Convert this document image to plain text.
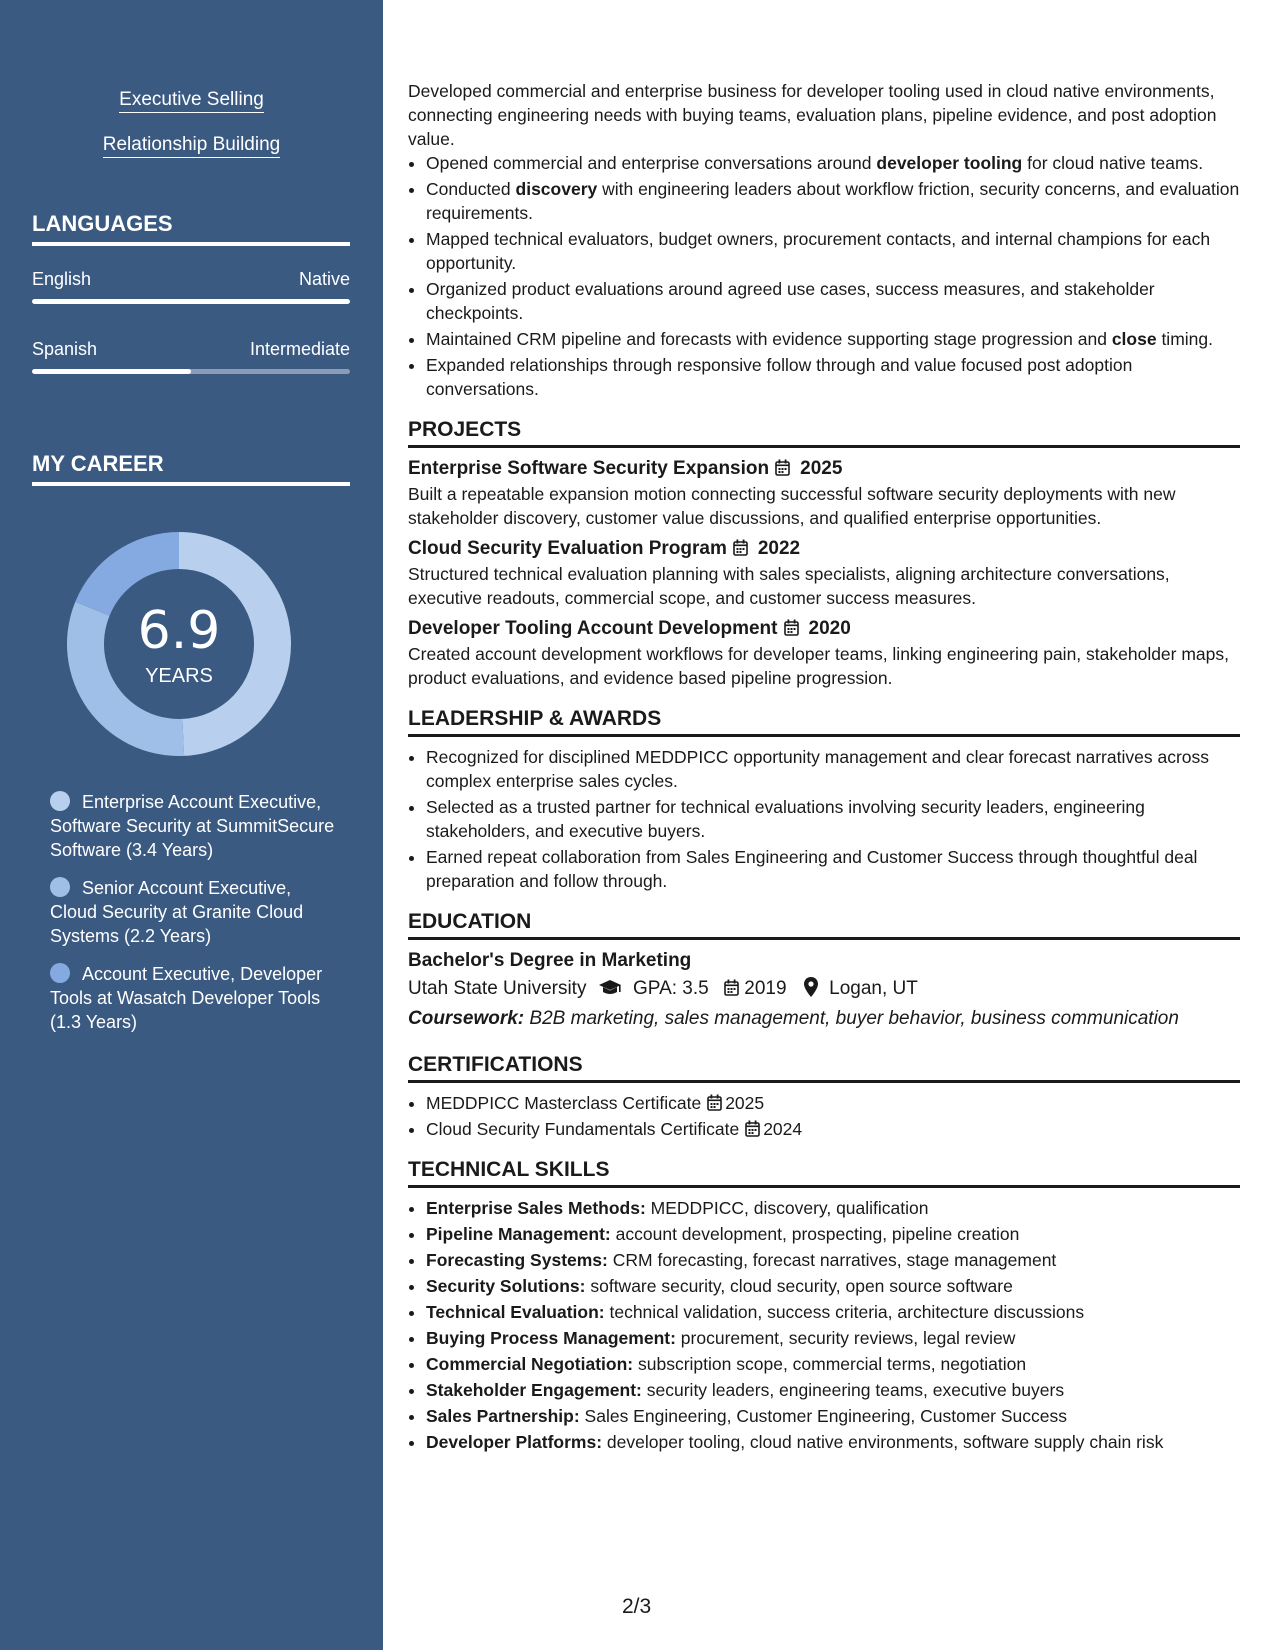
Executive Selling
Relationship Building
LANGUAGES
English	Native
Spanish	Intermediate
MY CAREER
6.9
YEARS
Enterprise Account Executive, Software Security at SummitSecure Software (3.4 Years)
Senior Account Executive, Cloud Security at Granite Cloud Systems (2.2 Years)
Account Executive, Developer Tools at Wasatch Developer Tools (1.3 Years)

Developed commercial and enterprise business for developer tooling used in cloud native environments, connecting engineering needs with buying teams, evaluation plans, pipeline evidence, and post adoption value.

• Opened commercial and enterprise conversations around developer tooling for cloud native teams.
• Conducted discovery with engineering leaders about workflow friction, security concerns, and evaluation requirements.
• Mapped technical evaluators, budget owners, procurement contacts, and internal champions for each opportunity.
• Organized product evaluations around agreed use cases, success measures, and stakeholder checkpoints.
• Maintained CRM pipeline and forecasts with evidence supporting stage progression and close timing.
• Expanded relationships through responsive follow through and value focused post adoption conversations.
PROJECTS
Enterprise Software Security Expansion 2025

Built a repeatable expansion motion connecting successful software security deployments with new stakeholder discovery, customer value discussions, and qualified enterprise opportunities.

Cloud Security Evaluation Program 2022

Structured technical evaluation planning with sales specialists, aligning architecture conversations, executive readouts, commercial scope, and customer success measures.

Developer Tooling Account Development 2020

Created account development workflows for developer teams, linking engineering pain, stakeholder maps, product evaluations, and evidence based pipeline progression.

LEADERSHIP & AWARDS
• Recognized for disciplined MEDDPICC opportunity management and clear forecast narratives across complex enterprise sales cycles.
• Selected as a trusted partner for technical evaluations involving security leaders, engineering stakeholders, and executive buyers.
• Earned repeat collaboration from Sales Engineering and Customer Success through thoughtful deal preparation and follow through.
EDUCATION
Bachelor's Degree in Marketing
Utah State University GPA: 3.5 2019 Logan, UT
Coursework: B2B marketing, sales management, buyer behavior, business communication
CERTIFICATIONS
• MEDDPICC Masterclass Certificate 2025
• Cloud Security Fundamentals Certificate 2024
TECHNICAL SKILLS
• Enterprise Sales Methods: MEDDPICC, discovery, qualification
• Pipeline Management: account development, prospecting, pipeline creation
• Forecasting Systems: CRM forecasting, forecast narratives, stage management
• Security Solutions: software security, cloud security, open source software
• Technical Evaluation: technical validation, success criteria, architecture discussions
• Buying Process Management: procurement, security reviews, legal review
• Commercial Negotiation: subscription scope, commercial terms, negotiation
• Stakeholder Engagement: security leaders, engineering teams, executive buyers
• Sales Partnership: Sales Engineering, Customer Engineering, Customer Success
• Developer Platforms: developer tooling, cloud native environments, software supply chain risk
2/3
